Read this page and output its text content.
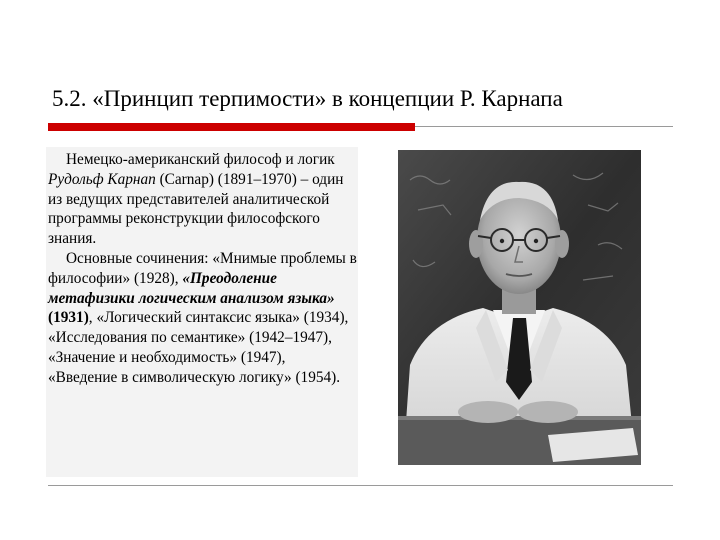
5.2. «Принцип терпимости» в концепции Р. Карнапа

Немецко-американский философ и логик Рудольф Карнап (Carnap) (1891–1970) – один из ведущих представителей аналитической программы реконструкции философского знания.

Основные сочинения: «Мнимые проблемы в философии» (1928), «Преодоление метафизики логическим анализом языка» (1931), «Логический синтаксис языка» (1934), «Исследования по семантике» (1942–1947), «Значение и необходимость» (1947), «Введение в символическую логику» (1954).
